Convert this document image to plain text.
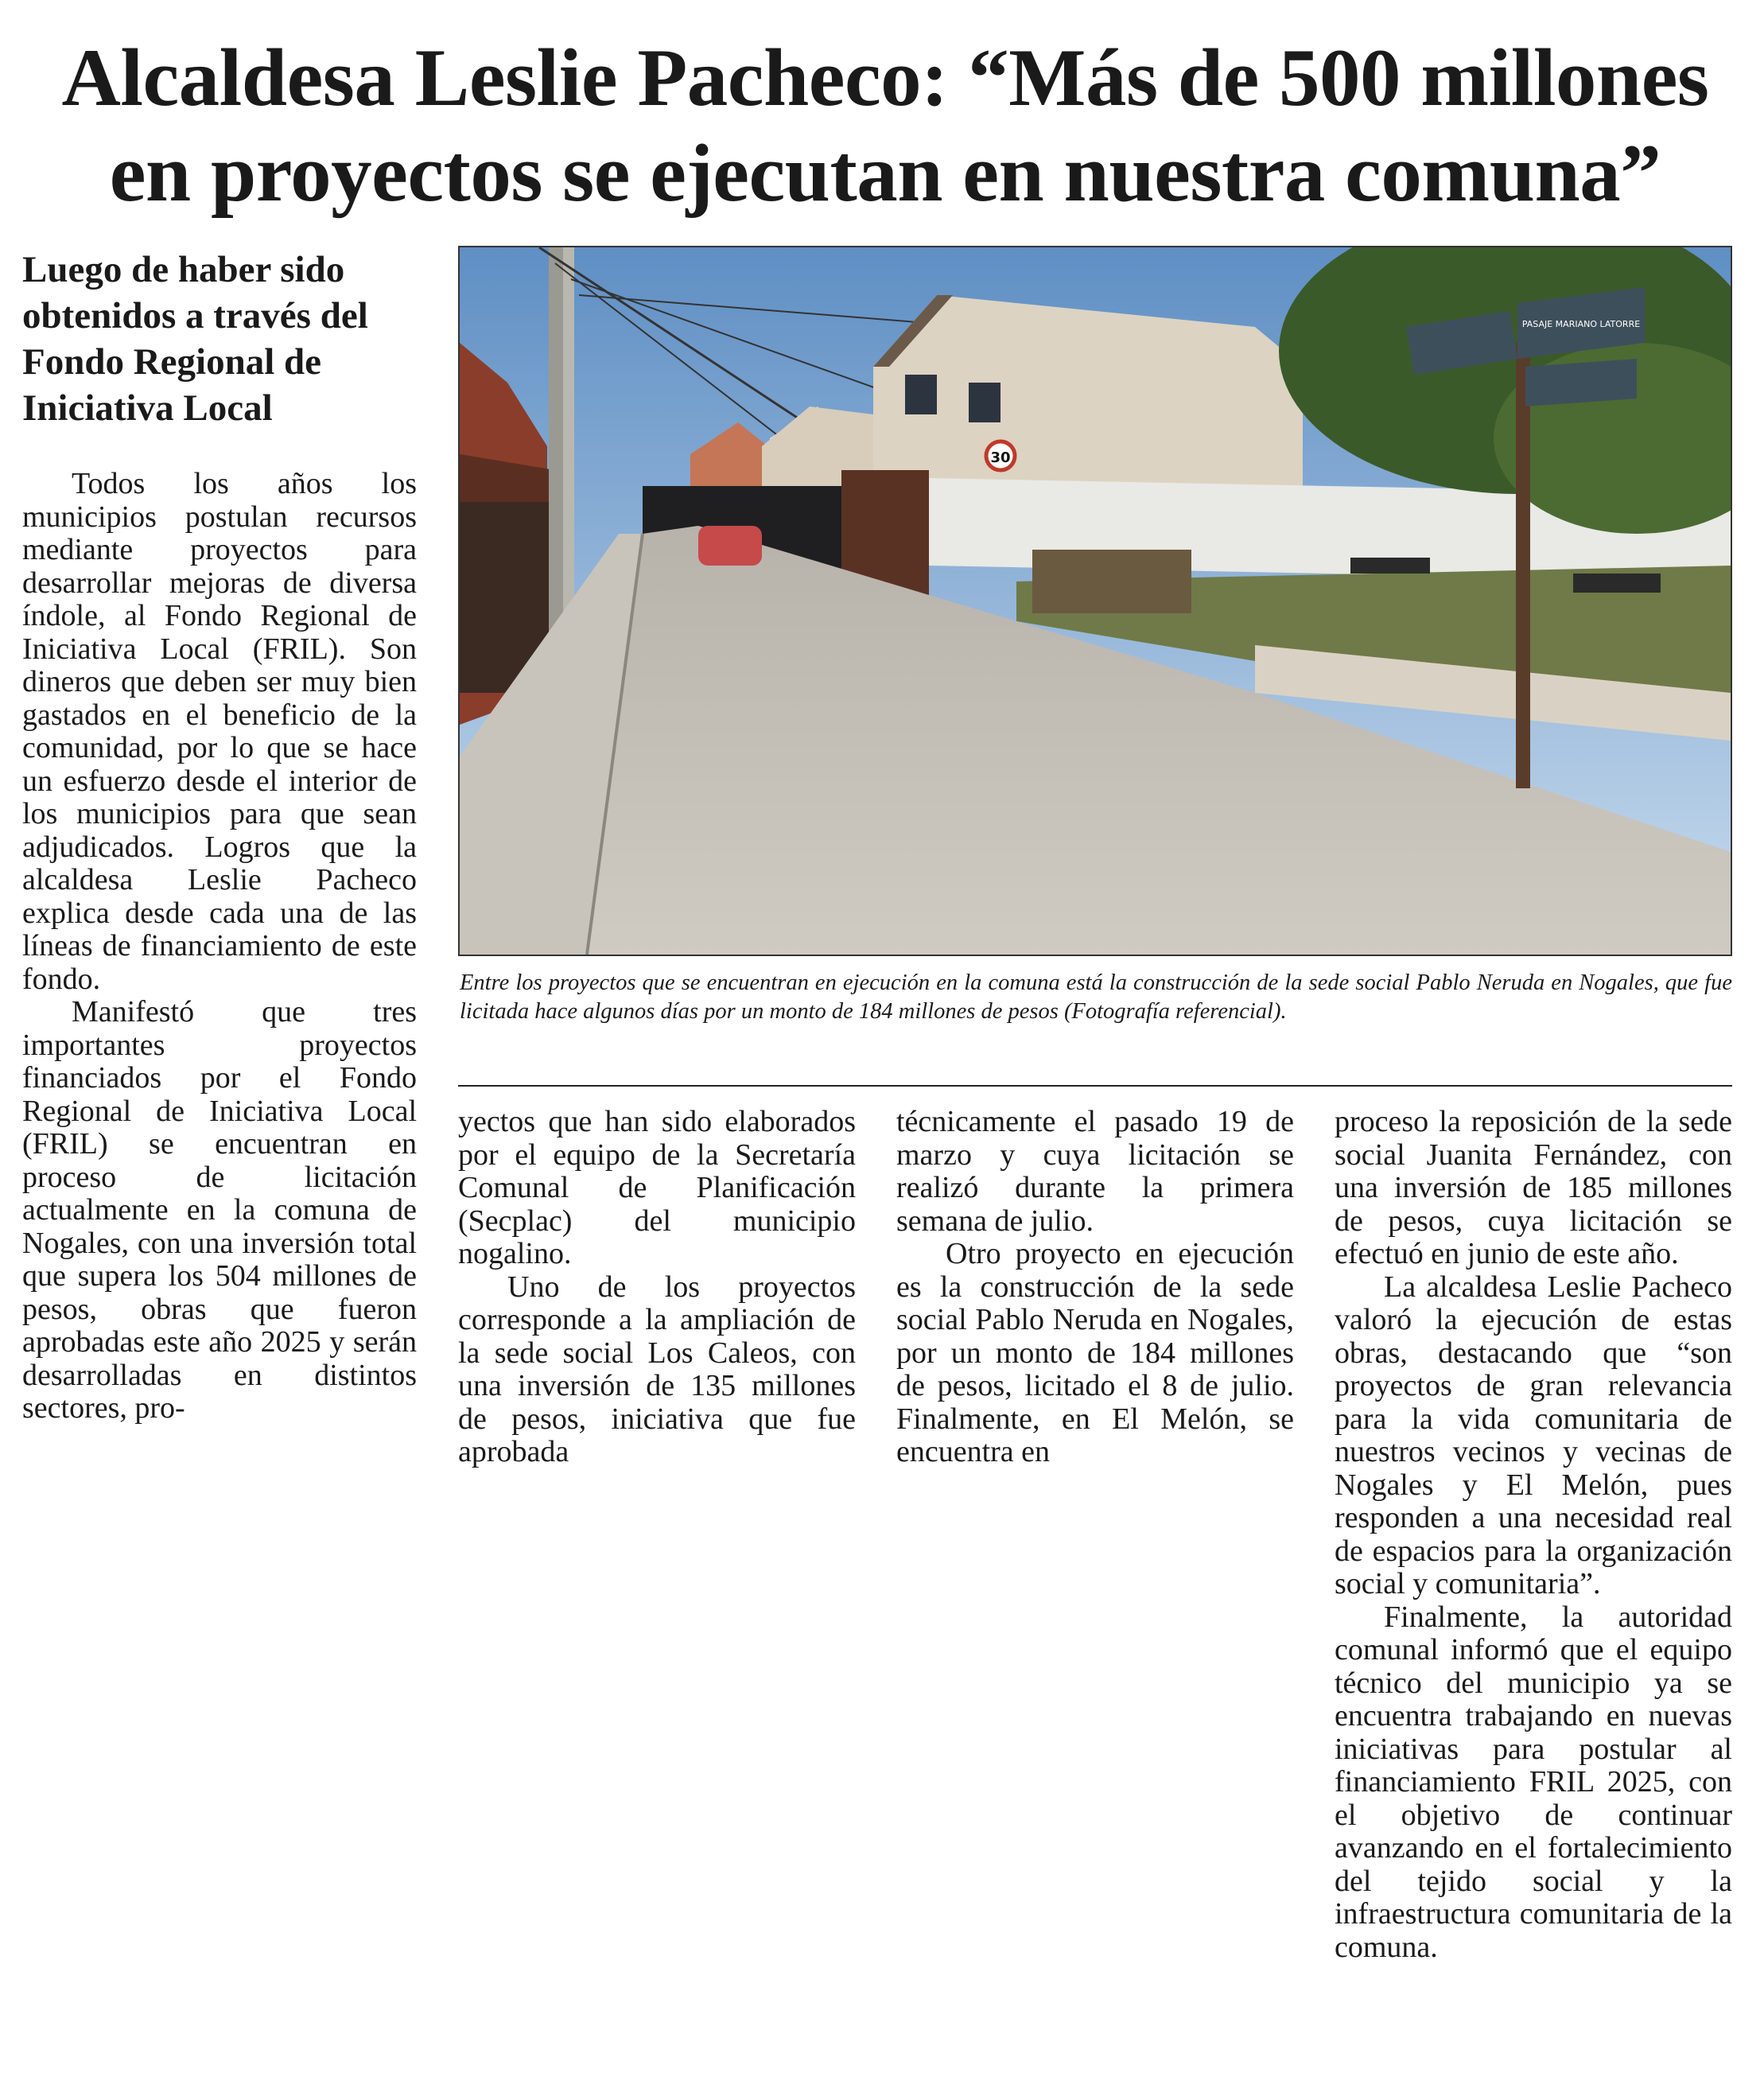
Alcaldesa Leslie Pacheco: “Más de 500 millones en proyectos se ejecutan en nuestra comuna”
Luego de haber sido obtenidos a través del Fondo Regional de Iniciativa Local

Todos los años los municipios postulan recursos mediante proyectos para desarrollar mejoras de diversa índole, al Fondo Regional de Iniciativa Local (FRIL). Son dineros que deben ser muy bien gastados en el beneficio de la comunidad, por lo que se hace un esfuerzo desde el interior de los municipios para que sean adjudicados. Logros que la alcaldesa Leslie Pacheco explica desde cada una de las líneas de financiamiento de este fondo.

Manifestó que tres importantes proyectos financiados por el Fondo Regional de Iniciativa Local (FRIL) se encuentran en proceso de licitación actualmente en la comuna de Nogales, con una inversión total que supera los 504 millones de pesos, obras que fueron aprobadas este año 2025 y serán desarrolladas en distintos sectores, pro-

30
PASAJE MARIANO LATORRE

Entre los proyectos que se encuentran en ejecución en la comuna está la construcción de la sede social Pablo Neruda en Nogales, que fue licitada hace algunos días por un monto de 184 millones de pesos (Fotografía referencial).

yectos que han sido elaborados por el equipo de la Secretaría Comunal de Planificación (Secplac) del municipio nogalino.

Uno de los proyectos corresponde a la ampliación de la sede social Los Caleos, con una inversión de 135 millones de pesos, iniciativa que fue aprobada

técnicamente el pasado 19 de marzo y cuya licitación se realizó durante la primera semana de julio.

Otro proyecto en ejecución es la construcción de la sede social Pablo Neruda en Nogales, por un monto de 184 millones de pesos, licitado el 8 de julio. Finalmente, en El Melón, se encuentra en

proceso la reposición de la sede social Juanita Fernández, con una inversión de 185 millones de pesos, cuya licitación se efectuó en junio de este año.

La alcaldesa Leslie Pacheco valoró la ejecución de estas obras, destacando que “son proyectos de gran relevancia para la vida comunitaria de nuestros vecinos y vecinas de Nogales y El Melón, pues responden a una necesidad real de espacios para la organización social y comunitaria”.

Finalmente, la autoridad comunal informó que el equipo técnico del municipio ya se encuentra trabajando en nuevas iniciativas para postular al financiamiento FRIL 2025, con el objetivo de continuar avanzando en el fortalecimiento del tejido social y la infraestructura comunitaria de la comuna.
